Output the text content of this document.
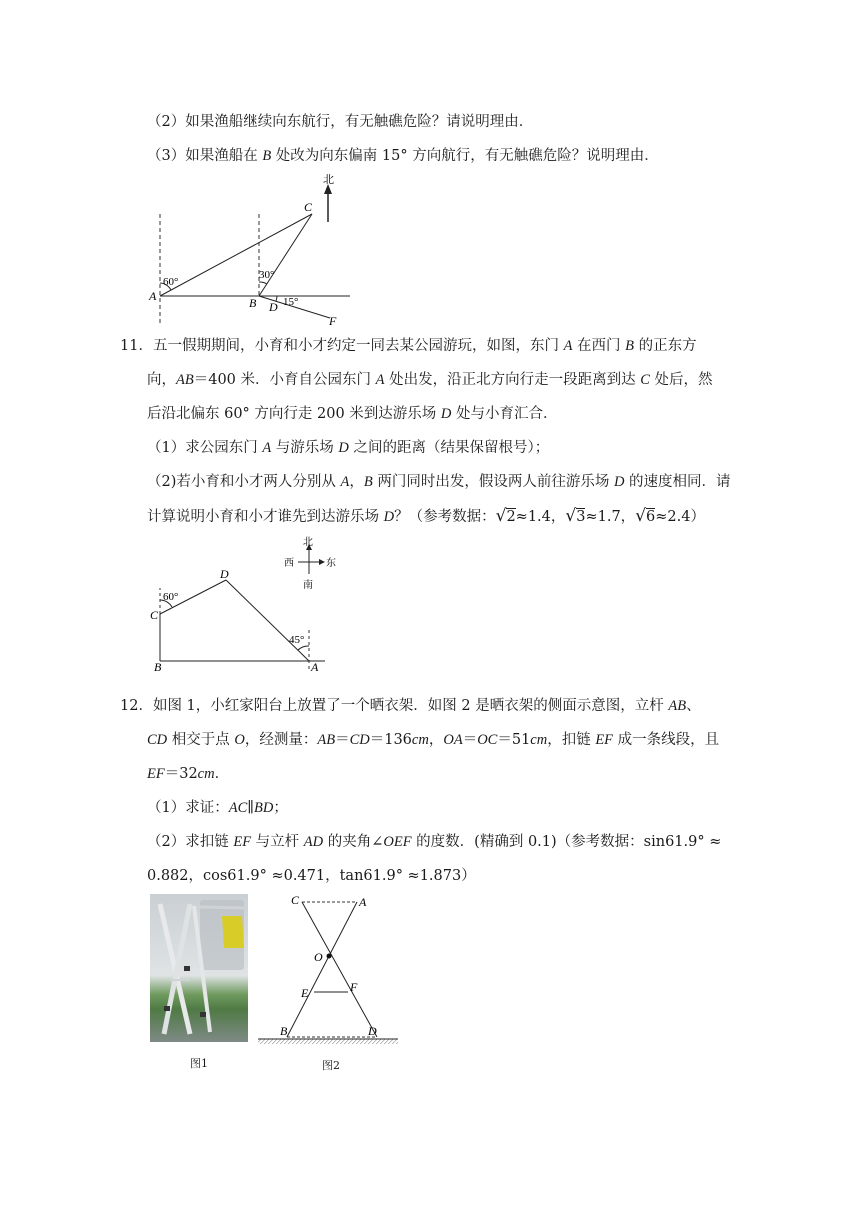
（2）如果渔船继续向东航行，有无触礁危险？请说明理由．
（3）如果渔船在 B 处改为向东偏南 15° 方向航行，有无触礁危险？说明理由．
北
A	B
C
D
F
60°
30°
15°
11．五一假期期间，小育和小才约定一同去某公园游玩，如图，东门 A 在西门 B 的正东方
向，AB＝400 米．小育自公园东门 A 处出发，沿正北方向行走一段距离到达 C 处后，然
后沿北偏东 60° 方向行走 200 米到达游乐场 D 处与小育汇合．
（1）求公园东门 A 与游乐场 D 之间的距离（结果保留根号）；
（2)若小育和小才两人分别从 A，B 两门同时出发，假设两人前往游乐场 D 的速度相同．请
计算说明小育和小才谁先到达游乐场 D？（参考数据：√2≈1.4，√3≈1.7，√6≈2.4）
北
南
西	东
B
C
D
A
60°
45°
12．如图 1，小红家阳台上放置了一个晒衣架．如图 2 是晒衣架的侧面示意图，立杆 AB、
CD 相交于点 O，经测量：AB＝CD＝136cm，OA＝OC＝51cm，扣链 EF 成一条线段，且
EF＝32cm．
（1）求证：AC∥BD；
（2）求扣链 EF 与立杆 AD 的夹角∠OEF 的度数．(精确到 0.1)（参考数据：sin61.9° ≈
0.882，cos61.9° ≈0.471，tan61.9° ≈1.873）
图1
C	A
O
E	F
B	D
图2
